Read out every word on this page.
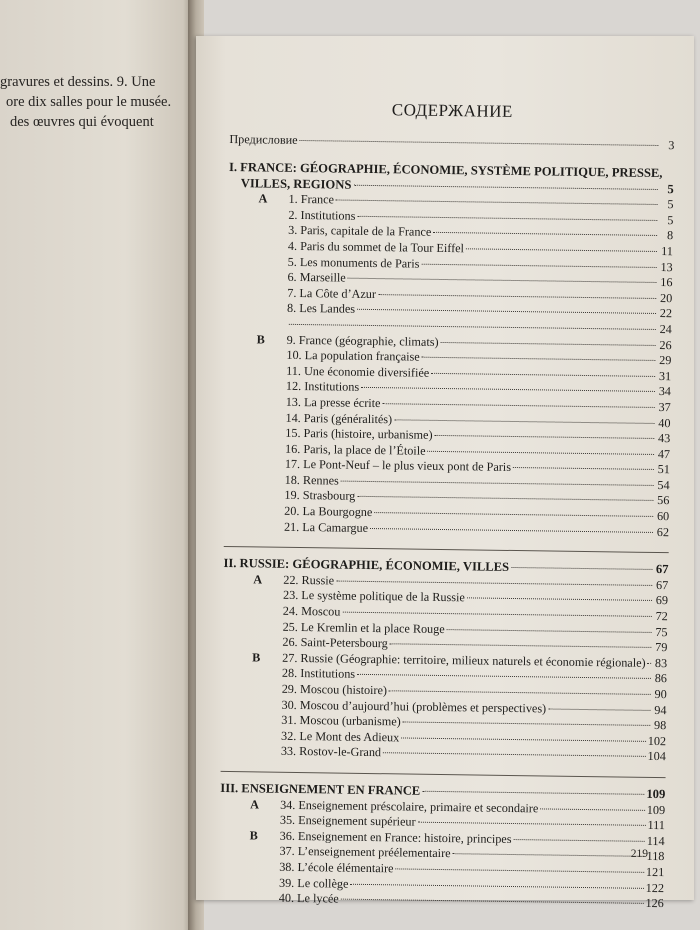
gravures et dessins. 9. Une
ore dix salles pour le musée.
des œuvres qui évoquent
СОДЕРЖАНИЕ
Предисловие	3
I. FRANCE: GÉOGRAPHIE, ÉCONOMIE, SYSTÈME POLITIQUE, PRESSE,
VILLES, REGIONS	5
A	1. France	5
2. Institutions	5
3. Paris, capitale de la France	8
4. Paris du sommet de la Tour Eiffel	11
5. Les monuments de Paris	13
6. Marseille	16
7. La Côte d’Azur	20
8. Les Landes	22
24
B	9. France (géographie, climats)	26
10. La population française	29
11. Une économie diversifiée	31
12. Institutions	34
13. La presse écrite	37
14. Paris (généralités)	40
15. Paris (histoire, urbanisme)	43
16. Paris, la place de l’Étoile	47
17. Le Pont-Neuf – le plus vieux pont de Paris	51
18. Rennes	54
19. Strasbourg	56
20. La Bourgogne	60
21. La Camargue	62
II. RUSSIE: GÉOGRAPHIE, ÉCONOMIE, VILLES	67
A	22. Russie	67
23. Le système politique de la Russie	69
24. Moscou	72
25. Le Kremlin et la place Rouge	75
26. Saint-Petersbourg	79
B	27. Russie (Géographie: territoire, milieux naturels et économie régionale) 83
28. Institutions	86
29. Moscou (histoire)	90
30. Moscou d’aujourd’hui (problèmes et perspectives)	94
31. Moscou (urbanisme)	98
32. Le Mont des Adieux	102
33. Rostov-le-Grand	104
III. ENSEIGNEMENT EN FRANCE	109
A	34. Enseignement préscolaire, primaire et secondaire	109
35. Enseignement supérieur	111
B	36. Enseignement en France: histoire, principes	114
37. L’enseignement préélementaire	118
38. L’école élémentaire	121
39. Le collège	122
40. Le lycée	126
219
